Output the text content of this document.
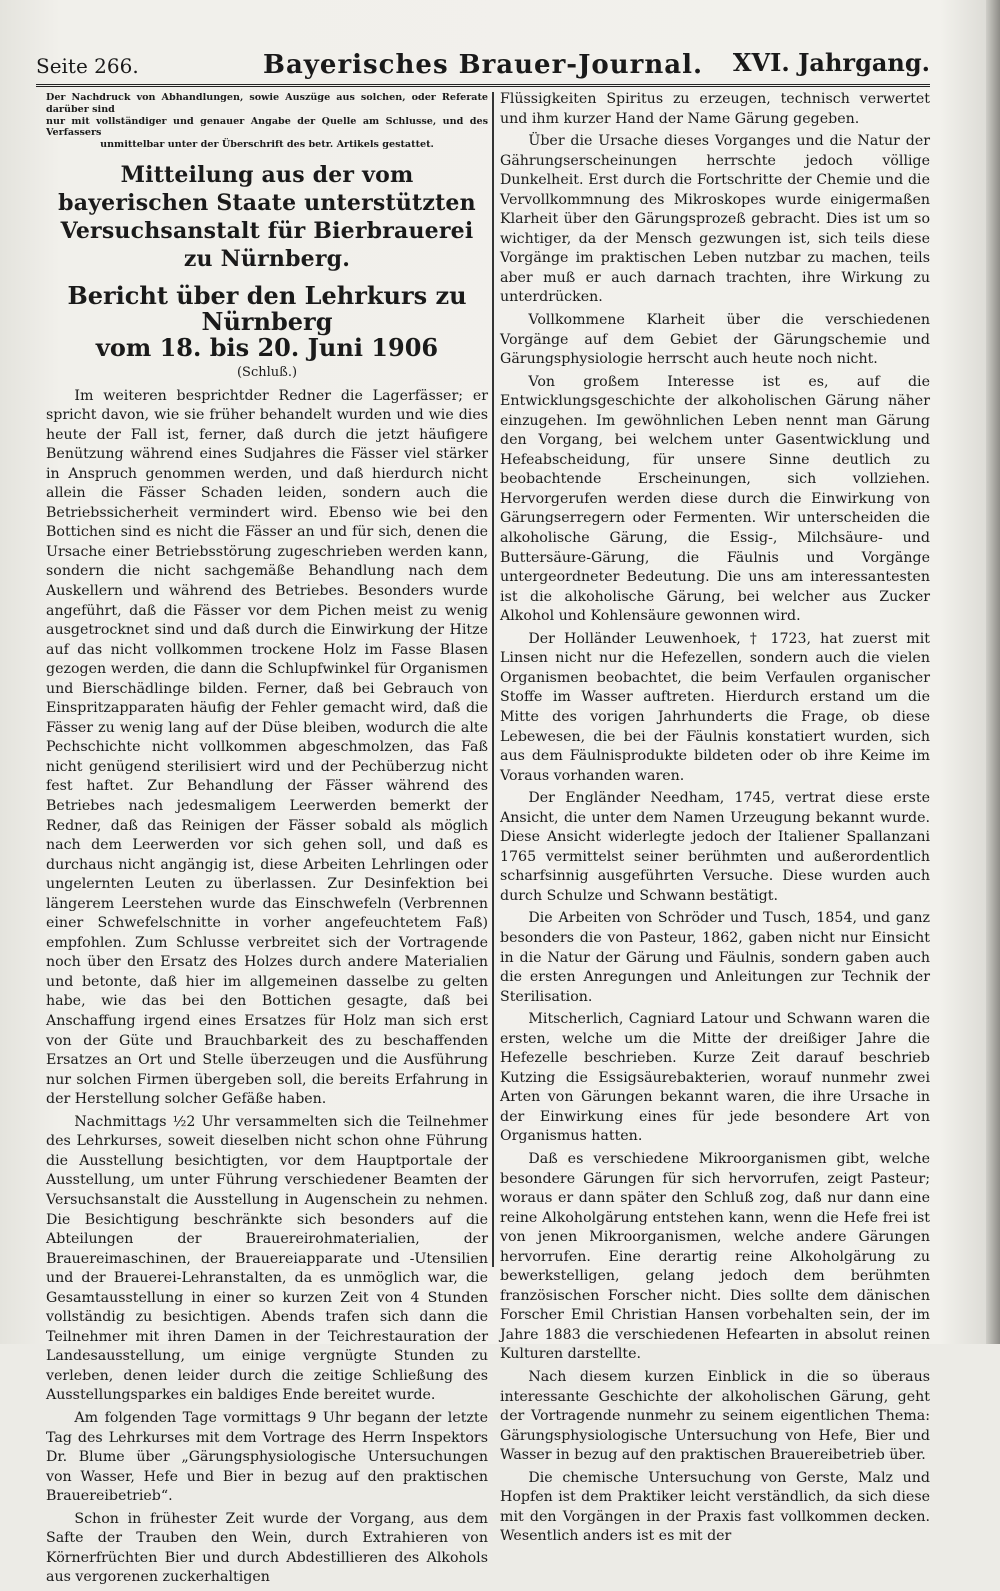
Seite 266.	Bayerisches Brauer-Journal.	XVI. Jahrgang.
Der Nachdruck von Abhandlungen, sowie Auszüge aus solchen, oder Referate darüber sind
nur mit vollständiger und genauer Angabe der Quelle am Schlusse, und des Verfassers
unmittelbar unter der Überschrift des betr. Artikels gestattet.
Mitteilung aus der vom bayerischen Staate unterstützten
Versuchsanstalt für Bierbrauerei zu Nürnberg.
Bericht über den Lehrkurs zu Nürnberg
vom 18. bis 20. Juni 1906
(Schluß.)

Im weiteren besprichtder Redner die Lagerfässer; er spricht davon, wie sie früher behandelt wurden und wie dies heute der Fall ist, ferner, daß durch die jetzt häufigere Benützung während eines Sudjahres die Fässer viel stärker in Anspruch genommen werden, und daß hierdurch nicht allein die Fässer Schaden leiden, sondern auch die Betriebssicherheit vermindert wird. Ebenso wie bei den Bottichen sind es nicht die Fässer an und für sich, denen die Ursache einer Betriebsstörung zugeschrieben werden kann, sondern die nicht sachgemäße Behandlung nach dem Auskellern und während des Betriebes. Besonders wurde angeführt, daß die Fässer vor dem Pichen meist zu wenig ausgetrocknet sind und daß durch die Einwirkung der Hitze auf das nicht vollkommen trockene Holz im Fasse Blasen gezogen werden, die dann die Schlupfwinkel für Organismen und Bierschädlinge bilden. Ferner, daß bei Gebrauch von Einspritzapparaten häufig der Fehler gemacht wird, daß die Fässer zu wenig lang auf der Düse bleiben, wodurch die alte Pechschichte nicht vollkommen abgeschmolzen, das Faß nicht genügend sterilisiert wird und der Pechüberzug nicht fest haftet. Zur Behandlung der Fässer während des Betriebes nach jedesmaligem Leerwerden bemerkt der Redner, daß das Reinigen der Fässer sobald als möglich nach dem Leerwerden vor sich gehen soll, und daß es durchaus nicht angängig ist, diese Arbeiten Lehrlingen oder ungelernten Leuten zu überlassen. Zur Desinfektion bei längerem Leerstehen wurde das Einschwefeln (Verbrennen einer Schwefelschnitte in vorher angefeuchtetem Faß) empfohlen. Zum Schlusse verbreitet sich der Vortragende noch über den Ersatz des Holzes durch andere Materialien und betonte, daß hier im allgemeinen dasselbe zu gelten habe, wie das bei den Bottichen gesagte, daß bei Anschaffung irgend eines Ersatzes für Holz man sich erst von der Güte und Brauchbarkeit des zu beschaffenden Ersatzes an Ort und Stelle überzeugen und die Ausführung nur solchen Firmen übergeben soll, die bereits Erfahrung in der Herstellung solcher Gefäße haben.

Nachmittags ½2 Uhr versammelten sich die Teilnehmer des Lehrkurses, soweit dieselben nicht schon ohne Führung die Ausstellung besichtigten, vor dem Hauptportale der Ausstellung, um unter Führung verschiedener Beamten der Versuchsanstalt die Ausstellung in Augenschein zu nehmen. Die Besichtigung beschränkte sich besonders auf die Abteilungen der Brauereirohmaterialien, der Brauereimaschinen, der Brauereiapparate und -Utensilien und der Brauerei-Lehranstalten, da es unmöglich war, die Gesamtausstellung in einer so kurzen Zeit von 4 Stunden vollständig zu besichtigen. Abends trafen sich dann die Teilnehmer mit ihren Damen in der Teichrestauration der Landesausstellung, um einige vergnügte Stunden zu verleben, denen leider durch die zeitige Schließung des Ausstellungsparkes ein baldiges Ende bereitet wurde.

Am folgenden Tage vormittags 9 Uhr begann der letzte Tag des Lehrkurses mit dem Vortrage des Herrn Inspektors Dr. Blume über „Gärungsphysiologische Untersuchungen von Wasser, Hefe und Bier in bezug auf den praktischen Brauereibetrieb“.

Schon in frühester Zeit wurde der Vorgang, aus dem Safte der Trauben den Wein, durch Extrahieren von Körnerfrüchten Bier und durch Abdestillieren des Alkohols aus vergorenen zuckerhaltigen

Flüssigkeiten Spiritus zu erzeugen, technisch verwertet und ihm kurzer Hand der Name Gärung gegeben.

Über die Ursache dieses Vorganges und die Natur der Gährungserscheinungen herrschte jedoch völlige Dunkelheit. Erst durch die Fortschritte der Chemie und die Vervollkommnung des Mikroskopes wurde einigermaßen Klarheit über den Gärungsprozeß gebracht. Dies ist um so wichtiger, da der Mensch gezwungen ist, sich teils diese Vorgänge im praktischen Leben nutzbar zu machen, teils aber muß er auch darnach trachten, ihre Wirkung zu unterdrücken.

Vollkommene Klarheit über die verschiedenen Vorgänge auf dem Gebiet der Gärungschemie und Gärungsphysiologie herrscht auch heute noch nicht.

Von großem Interesse ist es, auf die Entwicklungsgeschichte der alkoholischen Gärung näher einzugehen. Im gewöhnlichen Leben nennt man Gärung den Vorgang, bei welchem unter Gasentwicklung und Hefeabscheidung, für unsere Sinne deutlich zu beobachtende Erscheinungen, sich vollziehen. Hervorgerufen werden diese durch die Einwirkung von Gärungserregern oder Fermenten. Wir unterscheiden die alkoholische Gärung, die Essig-, Milchsäure- und Buttersäure-Gärung, die Fäulnis und Vorgänge untergeordneter Bedeutung. Die uns am interessantesten ist die alkoholische Gärung, bei welcher aus Zucker Alkohol und Kohlensäure gewonnen wird.

Der Holländer Leuwenhoek, † 1723, hat zuerst mit Linsen nicht nur die Hefezellen, sondern auch die vielen Organismen beobachtet, die beim Verfaulen organischer Stoffe im Wasser auftreten. Hierdurch erstand um die Mitte des vorigen Jahrhunderts die Frage, ob diese Lebewesen, die bei der Fäulnis konstatiert wurden, sich aus dem Fäulnisprodukte bildeten oder ob ihre Keime im Voraus vorhanden waren.

Der Engländer Needham, 1745, vertrat diese erste Ansicht, die unter dem Namen Urzeugung bekannt wurde. Diese Ansicht widerlegte jedoch der Italiener Spallanzani 1765 vermittelst seiner berühmten und außerordentlich scharfsinnig ausgeführten Versuche. Diese wurden auch durch Schulze und Schwann bestätigt.

Die Arbeiten von Schröder und Tusch, 1854, und ganz besonders die von Pasteur, 1862, gaben nicht nur Einsicht in die Natur der Gärung und Fäulnis, sondern gaben auch die ersten Anregungen und Anleitungen zur Technik der Sterilisation.

Mitscherlich, Cagniard Latour und Schwann waren die ersten, welche um die Mitte der dreißiger Jahre die Hefezelle beschrieben. Kurze Zeit darauf beschrieb Kutzing die Essigsäurebakterien, worauf nunmehr zwei Arten von Gärungen bekannt waren, die ihre Ursache in der Einwirkung eines für jede besondere Art von Organismus hatten.

Daß es verschiedene Mikroorganismen gibt, welche besondere Gärungen für sich hervorrufen, zeigt Pasteur; woraus er dann später den Schluß zog, daß nur dann eine reine Alkoholgärung entstehen kann, wenn die Hefe frei ist von jenen Mikroorganismen, welche andere Gärungen hervorrufen. Eine derartig reine Alkoholgärung zu bewerkstelligen, gelang jedoch dem berühmten französischen Forscher nicht. Dies sollte dem dänischen Forscher Emil Christian Hansen vorbehalten sein, der im Jahre 1883 die verschiedenen Hefearten in absolut reinen Kulturen darstellte.

Nach diesem kurzen Einblick in die so überaus interessante Geschichte der alkoholischen Gärung, geht der Vortragende nunmehr zu seinem eigentlichen Thema: Gärungsphysiologische Untersuchung von Hefe, Bier und Wasser in bezug auf den praktischen Brauereibetrieb über.

Die chemische Untersuchung von Gerste, Malz und Hopfen ist dem Praktiker leicht verständlich, da sich diese mit den Vorgängen in der Praxis fast vollkommen decken. Wesentlich anders ist es mit der
